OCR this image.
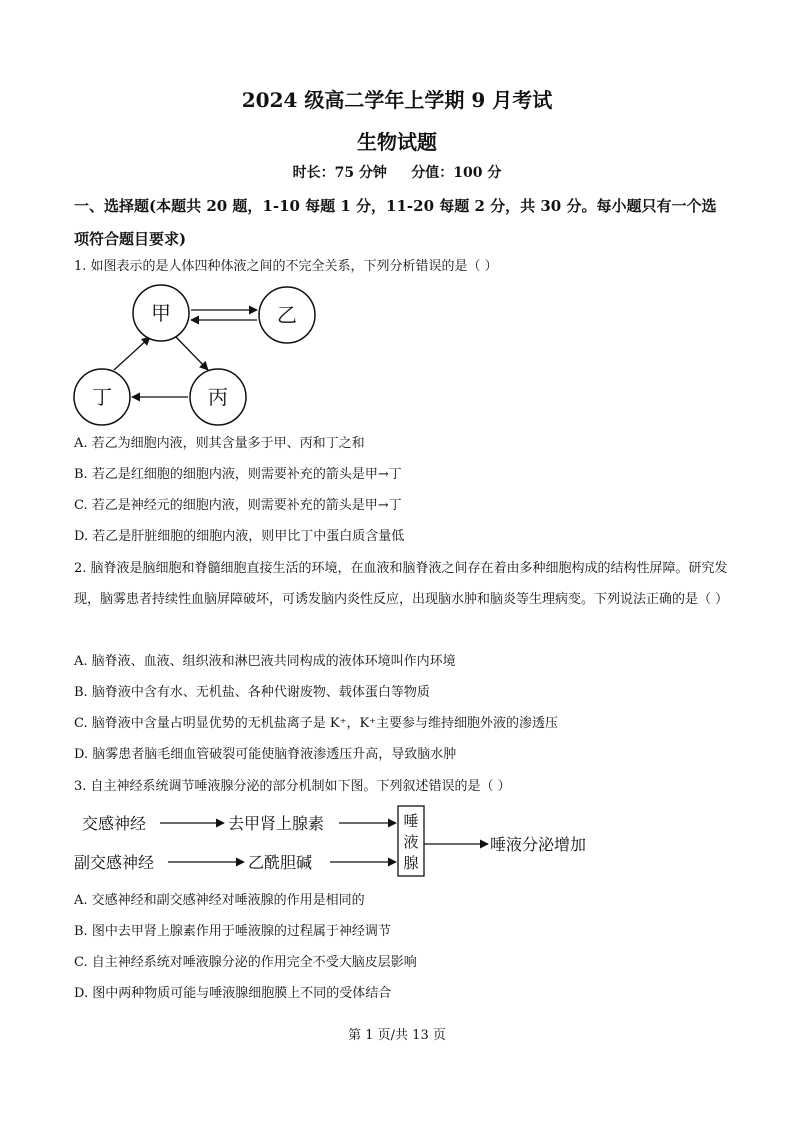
2024 级高二学年上学期 9 月考试
生物试题
时长：75 分钟     分值：100 分
一、选择题(本题共 20 题，1-10 每题 1 分，11-20 每题 2 分，共 30 分。每小题只有一个选项符合题目要求)
1. 如图表示的是人体四种体液之间的不完全关系，下列分析错误的是（ ）
甲	乙
丙
丁
A. 若乙为细胞内液，则其含量多于甲、丙和丁之和
B. 若乙是红细胞的细胞内液，则需要补充的箭头是甲→丁
C. 若乙是神经元的细胞内液，则需要补充的箭头是甲→丁
D. 若乙是肝脏细胞的细胞内液，则甲比丁中蛋白质含量低
2. 脑脊液是脑细胞和脊髓细胞直接生活的环境，在血液和脑脊液之间存在着由多种细胞构成的结构性屏障。研究发现，脑雾患者持续性血脑屏障破坏，可诱发脑内炎性反应，出现脑水肿和脑炎等生理病变。下列说法正确的是（ ）
A. 脑脊液、血液、组织液和淋巴液共同构成的液体环境叫作内环境
B. 脑脊液中含有水、无机盐、各种代谢废物、载体蛋白等物质
C. 脑脊液中含量占明显优势的无机盐离子是 K⁺，K⁺主要参与维持细胞外液的渗透压
D. 脑雾患者脑毛细血管破裂可能使脑脊液渗透压升高，导致脑水肿
3. 自主神经系统调节唾液腺分泌的部分机制如下图。下列叙述错误的是（ ）
交感神经	去甲肾上腺素
副交感神经	乙酰胆碱
唾
液
腺
唾液分泌增加
A. 交感神经和副交感神经对唾液腺的作用是相同的
B. 图中去甲肾上腺素作用于唾液腺的过程属于神经调节
C. 自主神经系统对唾液腺分泌的作用完全不受大脑皮层影响
D. 图中两种物质可能与唾液腺细胞膜上不同的受体结合
第 1 页/共 13 页
